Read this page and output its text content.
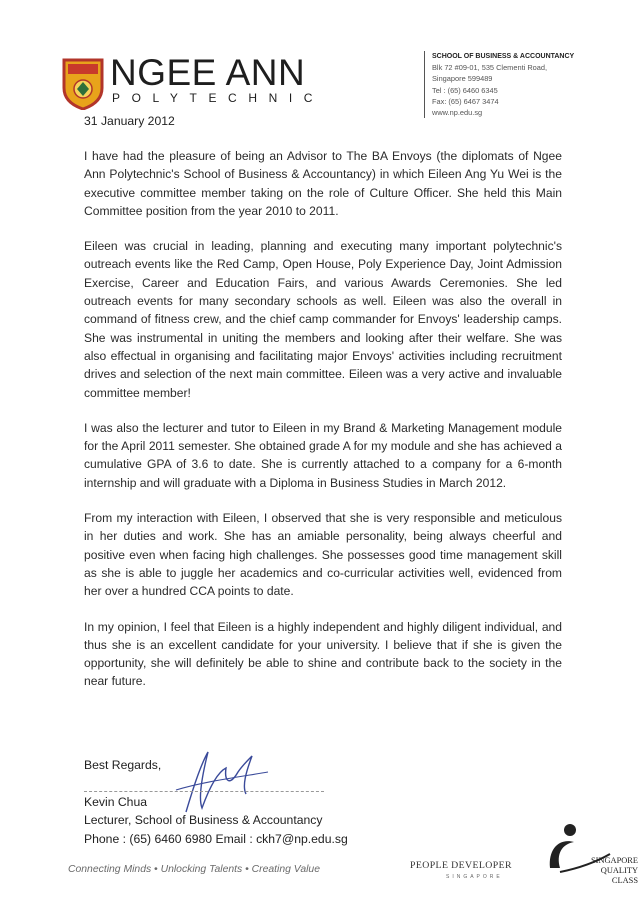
NGEE ANN
POLYTECHNIC
SCHOOL OF BUSINESS & ACCOUNTANCY
Blk 72 #09-01, 535 Clementi Road,
Singapore 599489
Tel : (65) 6460 6345
Fax: (65) 6467 3474
www.np.edu.sg
31 January 2012

I have had the pleasure of being an Advisor to The BA Envoys (the diplomats of Ngee Ann Polytechnic's School of Business & Accountancy) in which Eileen Ang Yu Wei is the executive committee member taking on the role of Culture Officer. She held this Main Committee position from the year 2010 to 2011.

Eileen was crucial in leading, planning and executing many important polytechnic's outreach events like the Red Camp, Open House, Poly Experience Day, Joint Admission Exercise, Career and Education Fairs, and various Awards Ceremonies. She led outreach events for many secondary schools as well. Eileen was also the overall in command of fitness crew, and the chief camp commander for Envoys' leadership camps. She was instrumental in uniting the members and looking after their welfare. She was also effectual in organising and facilitating major Envoys' activities including recruitment drives and selection of the next main committee. Eileen was a very active and invaluable committee member!

I was also the lecturer and tutor to Eileen in my Brand & Marketing Management module for the April 2011 semester. She obtained grade A for my module and she has achieved a cumulative GPA of 3.6 to date. She is currently attached to a company for a 6-month internship and will graduate with a Diploma in Business Studies in March 2012.

From my interaction with Eileen, I observed that she is very responsible and meticulous in her duties and work. She has an amiable personality, being always cheerful and positive even when facing high challenges. She possesses good time management skill as she is able to juggle her academics and co-curricular activities well, evidenced from her over a hundred CCA points to date.

In my opinion, I feel that Eileen is a highly independent and highly diligent individual, and thus she is an excellent candidate for your university. I believe that if she is given the opportunity, she will definitely be able to shine and contribute back to the society in the near future.

Best Regards,
Kevin Chua
Lecturer, School of Business & Accountancy
Phone : (65) 6460 6980 Email : ckh7@np.edu.sg
Connecting Minds • Unlocking Talents • Creating Value	PEOPLE DEVELOPER
SINGAPORE
SINGAPORE
QUALITY CLASS
